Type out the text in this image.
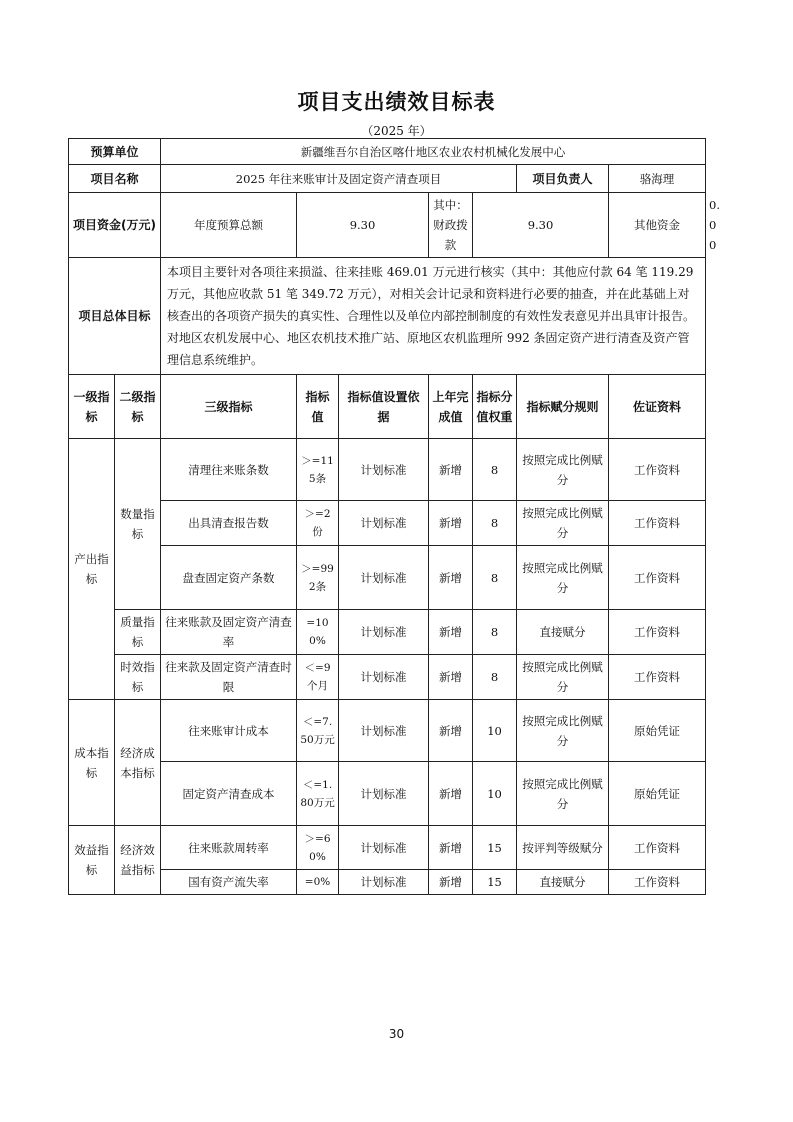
项目支出绩效目标表
（2025 年）
预算单位		新疆维吾尔自治区喀什地区农业农村机械化发展中心							
项目名称		2025 年往来账审计及固定资产清查项目					项目负责人	骆海理	
项目资金(万元)		年度预算总额	9.30		其中：财政拨款	9.30		其他资金	0.00
项目总体目标		本项目主要针对各项往来损溢、往来挂账 469.01 万元进行核实（其中：其他应付款 64 笔 119.29 万元，其他应收款 51 笔 349.72 万元），对相关会计记录和资料进行必要的抽查，并在此基础上对核查出的各项资产损失的真实性、合理性以及单位内部控制制度的有效性发表意见并出具审计报告。 对地区农机发展中心、地区农机技术推广站、原地区农机监理所 992 条固定资产进行清查及资产管理信息系统维护。							
一级指标	二级指标	三级指标	指标值	指标值设置依据	上年完成值	指标分值权重	指标赋分规则	佐证资料	
产出指标	数量指标	清理往来账条数	＞=115条	计划标准	新增	8	按照完成比例赋分	工作资料	
		出具清查报告数	＞=2份	计划标准	新增	8	按照完成比例赋分	工作资料	
		盘查固定资产条数	＞=992条	计划标准	新增	8	按照完成比例赋分	工作资料	
	质量指标	往来账款及固定资产清查率	=100%	计划标准	新增	8	直接赋分	工作资料	
	时效指标	往来款及固定资产清查时限	＜=9个月	计划标准	新增	8	按照完成比例赋分	工作资料	
成本指标	经济成本指标	往来账审计成本	＜=7.50万元	计划标准	新增	10	按照完成比例赋分	原始凭证	
		固定资产清查成本	＜=1.80万元	计划标准	新增	10	按照完成比例赋分	原始凭证	
效益指标	经济效益指标	往来账款周转率	＞=60%	计划标准	新增	15	按评判等级赋分	工作资料	
		国有资产流失率	=0%	计划标准	新增	15	直接赋分	工作资料	
30
